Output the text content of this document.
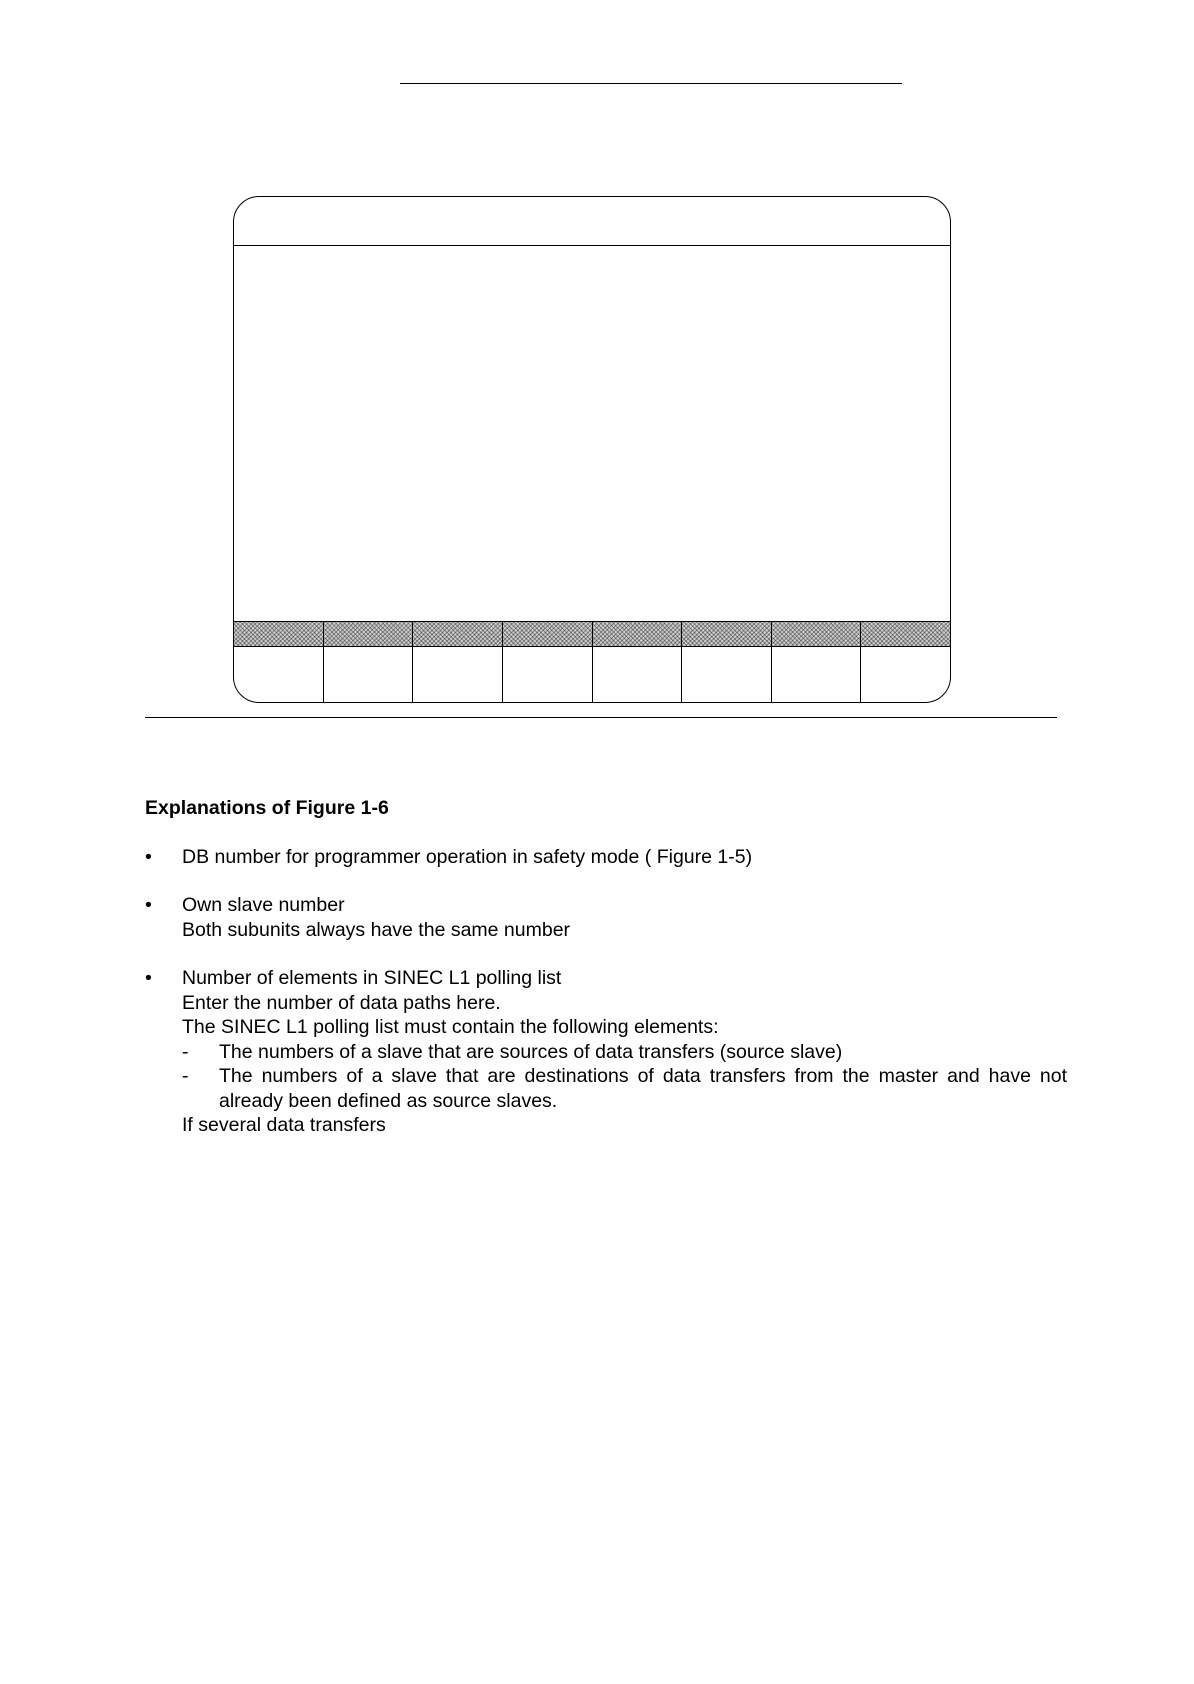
Explanations of Figure 1-6
• DB number for programmer operation in safety mode ( Figure 1-5)
• Own slave number
Both subunits always have the same number
• Number of elements in SINEC L1 polling list
Enter the number of data paths here.
The SINEC L1 polling list must contain the following elements:
- The numbers of a slave that are sources of data transfers (source slave)
- The numbers of a slave that are destinations of data transfers from the master and have not already been defined as source slaves.
If several data transfers
